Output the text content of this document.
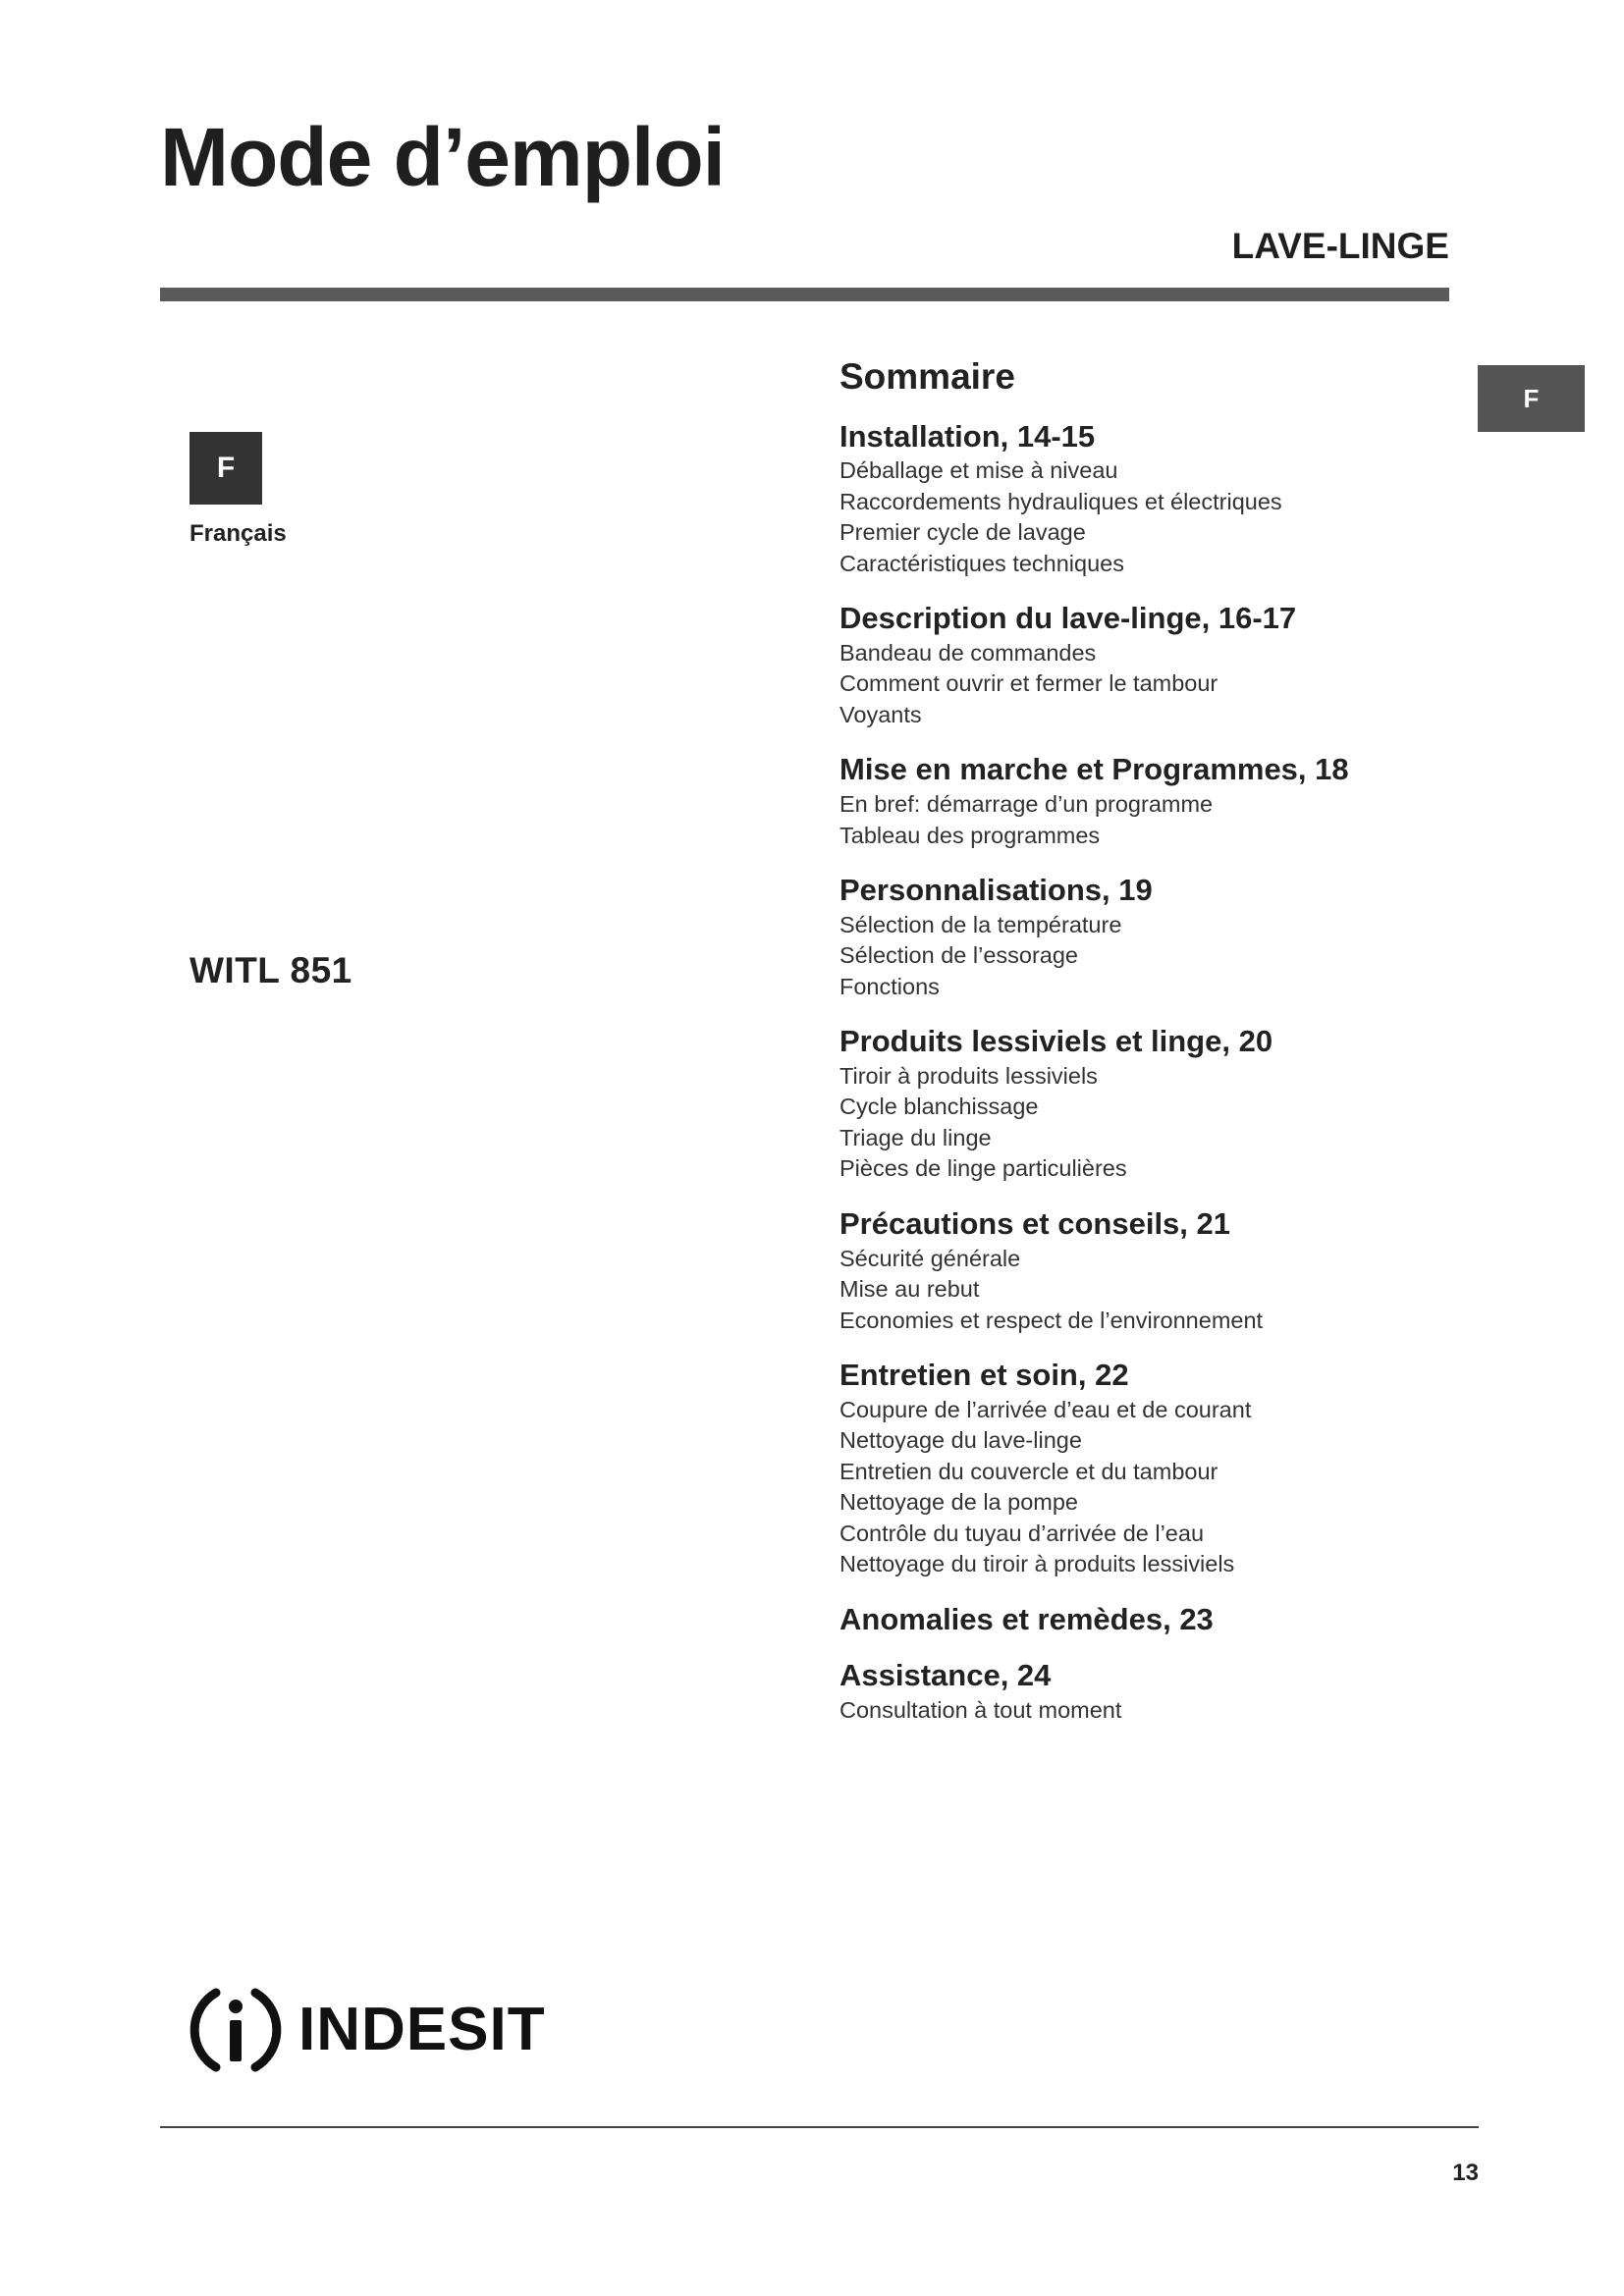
Mode d’emploi
LAVE-LINGE
F
F
Français
WITL 851
Sommaire
Installation, 14-15
Déballage et mise à niveau
Raccordements hydrauliques et électriques
Premier cycle de lavage
Caractéristiques techniques
Description du lave-linge, 16-17
Bandeau de commandes
Comment ouvrir et fermer le tambour
Voyants
Mise en marche et Programmes, 18
En bref: démarrage d’un programme
Tableau des programmes
Personnalisations, 19
Sélection de la température
Sélection de l’essorage
Fonctions
Produits lessiviels et linge, 20
Tiroir à produits lessiviels
Cycle blanchissage
Triage du linge
Pièces de linge particulières
Précautions et conseils, 21
Sécurité générale
Mise au rebut
Economies et respect de l’environnement
Entretien et soin, 22
Coupure de l’arrivée d’eau et de courant
Nettoyage du lave-linge
Entretien du couvercle et du tambour
Nettoyage de la pompe
Contrôle du tuyau d’arrivée de l’eau
Nettoyage du tiroir à produits lessiviels
Anomalies et remèdes, 23
Assistance, 24
Consultation à tout moment
INDESIT
13
